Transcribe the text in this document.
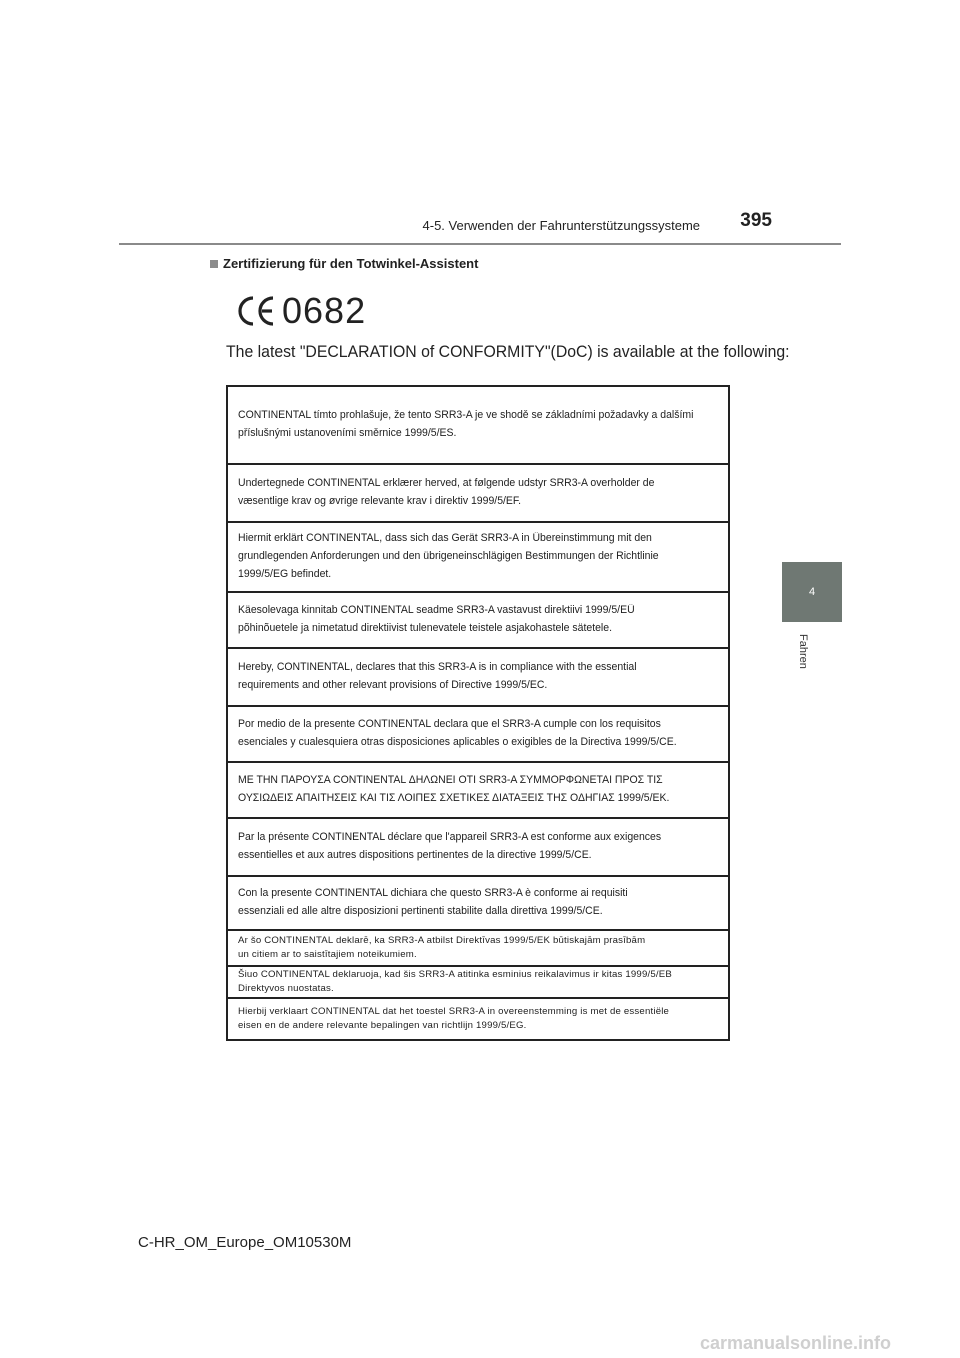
4-5. Verwenden der Fahrunterstützungssysteme	395
4
Fahren
Zertifizierung für den Totwinkel-Assistent
0682
The latest "DECLARATION of CONFORMITY"(DoC) is available at the following:

CONTINENTAL tímto prohlašuje, že tento SRR3-A je ve shodě se základními požadavky a dalšími

příslušnými ustanoveními směrnice 1999/5/ES.

Undertegnede CONTINENTAL erklærer herved, at følgende udstyr SRR3-A overholder de

væsentlige krav og øvrige relevante krav i direktiv 1999/5/EF.

Hiermit erklärt CONTINENTAL, dass sich das Gerät SRR3-A in Übereinstimmung mit den

grundlegenden Anforderungen und den übrigeneinschlägigen Bestimmungen der Richtlinie

1999/5/EG befindet.

Käesolevaga kinnitab CONTINENTAL seadme SRR3-A vastavust direktiivi 1999/5/EÜ

põhinõuetele ja nimetatud direktiivist tulenevatele teistele asjakohastele sätetele.

Hereby, CONTINENTAL, declares that this SRR3-A is in compliance with the essential

requirements and other relevant provisions of Directive 1999/5/EC.

Por medio de la presente CONTINENTAL declara que el SRR3-A cumple con los requisitos

esenciales y cualesquiera otras disposiciones aplicables o exigibles de la Directiva 1999/5/CE.

ΜΕ ΤΗΝ ΠΑΡΟΥΣΑ CONTINENTAL ΔΗΛΩΝΕΙ ΟΤΙ SRR3-A ΣΥΜΜΟΡΦΩΝΕΤΑΙ ΠΡΟΣ ΤΙΣ

ΟΥΣΙΩΔΕΙΣ ΑΠΑΙΤΗΣΕΙΣ ΚΑΙ ΤΙΣ ΛΟΙΠΕΣ ΣΧΕΤΙΚΕΣ ΔΙΑΤΑΞΕΙΣ ΤΗΣ ΟΔΗΓΙΑΣ 1999/5/ΕΚ.

Par la présente CONTINENTAL déclare que l'appareil SRR3-A est conforme aux exigences

essentielles et aux autres dispositions pertinentes de la directive 1999/5/CE.

Con la presente CONTINENTAL dichiara che questo SRR3-A è conforme ai requisiti

essenziali ed alle altre disposizioni pertinenti stabilite dalla direttiva 1999/5/CE.

Ar šo CONTINENTAL deklarē, ka SRR3-A atbilst Direktīvas 1999/5/EK būtiskajām prasībām

un citiem ar to saistītajiem noteikumiem.

Šiuo CONTINENTAL deklaruoja, kad šis SRR3-A atitinka esminius reikalavimus ir kitas 1999/5/EB

Direktyvos nuostatas.

Hierbij verklaart CONTINENTAL dat het toestel SRR3-A in overeenstemming is met de essentiële

eisen en de andere relevante bepalingen van richtlijn 1999/5/EG.

C-HR_OM_Europe_OM10530M
carmanualsonline.info
